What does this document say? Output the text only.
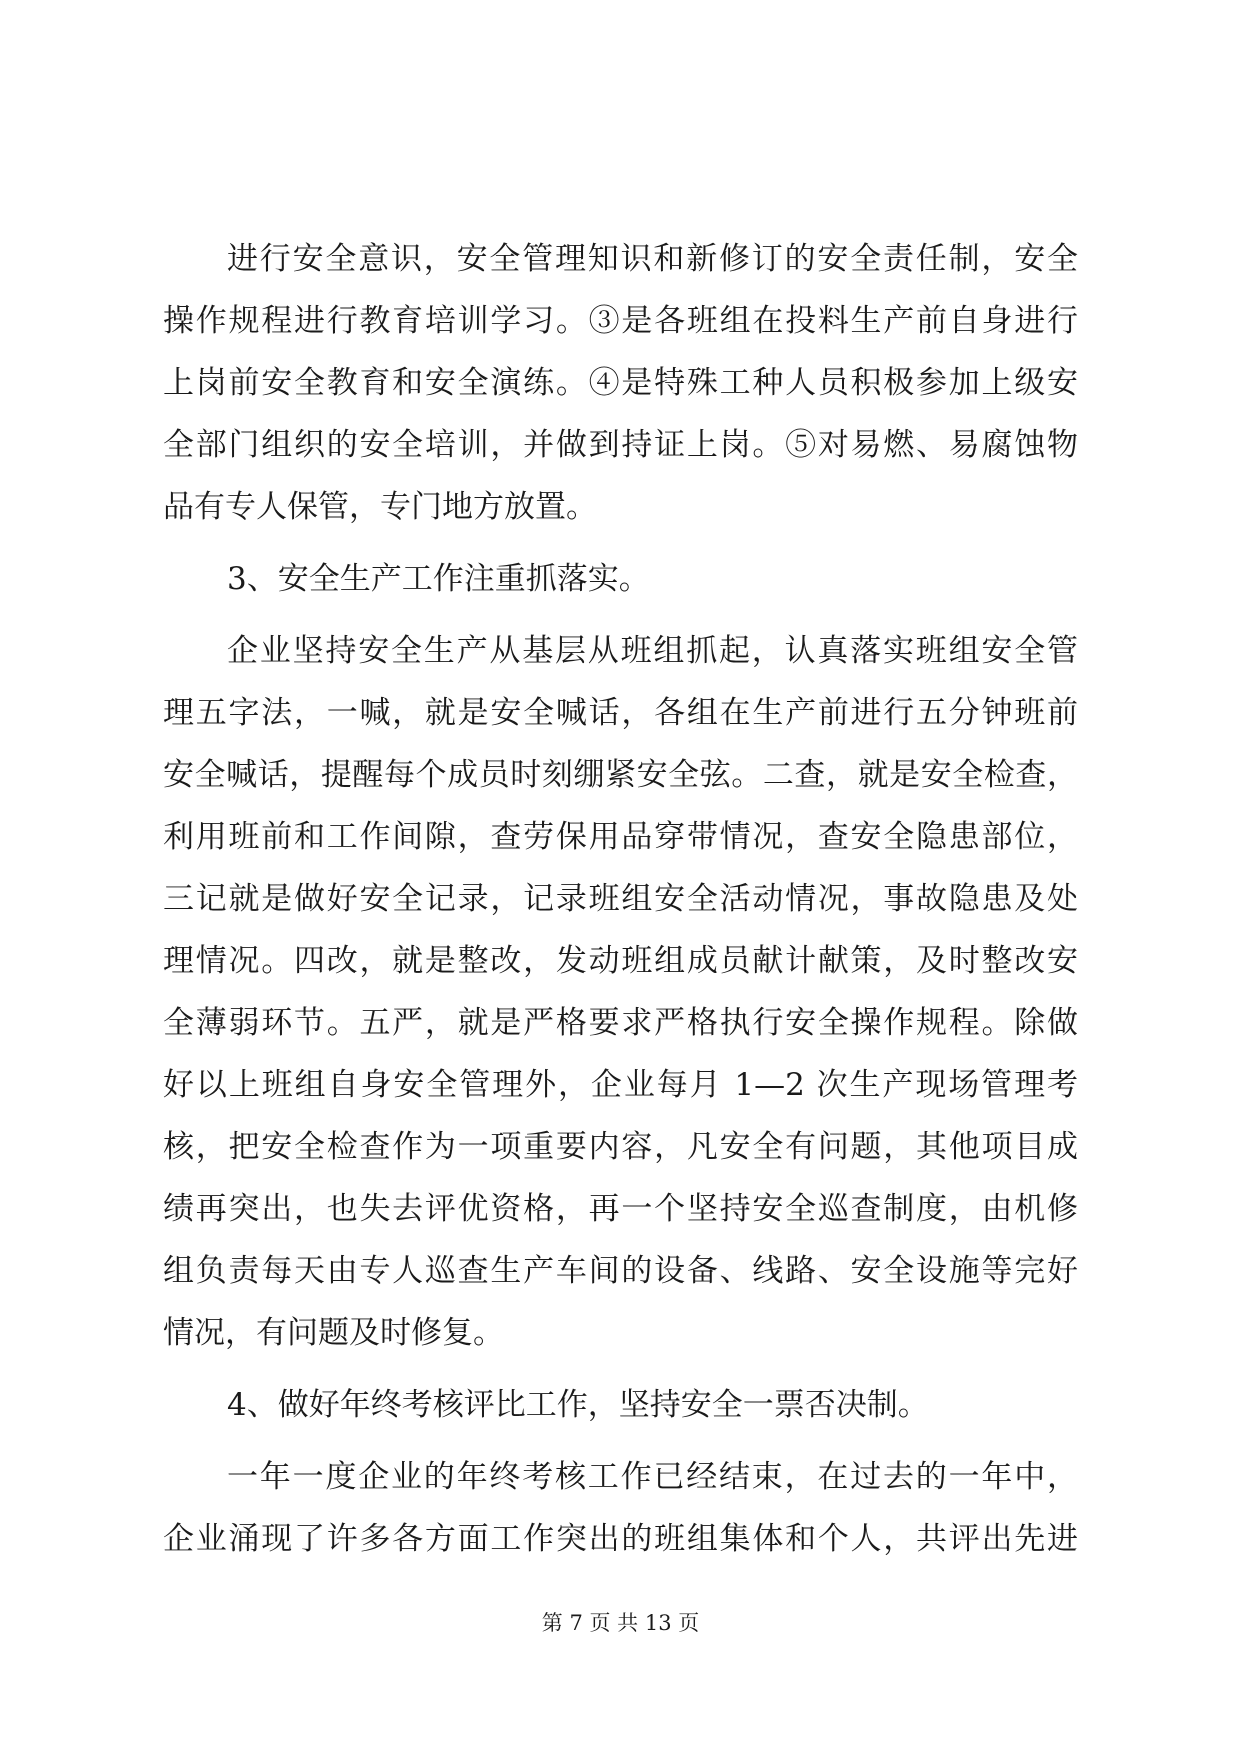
进行安全意识，安全管理知识和新修订的安全责任制，安全
操作规程进行教育培训学习。③是各班组在投料生产前自身进行
上岗前安全教育和安全演练。④是特殊工种人员积极参加上级安
全部门组织的安全培训，并做到持证上岗。⑤对易燃、易腐蚀物
品有专人保管，专门地方放置。
3、安全生产工作注重抓落实。
企业坚持安全生产从基层从班组抓起，认真落实班组安全管
理五字法，一喊，就是安全喊话，各组在生产前进行五分钟班前
安全喊话，提醒每个成员时刻绷紧安全弦。二查，就是安全检查，
利用班前和工作间隙，查劳保用品穿带情况，查安全隐患部位，
三记就是做好安全记录，记录班组安全活动情况，事故隐患及处
理情况。四改，就是整改，发动班组成员献计献策，及时整改安
全薄弱环节。五严，就是严格要求严格执行安全操作规程。除做
好以上班组自身安全管理外，企业每月 1—2 次生产现场管理考
核，把安全检查作为一项重要内容，凡安全有问题，其他项目成
绩再突出，也失去评优资格，再一个坚持安全巡查制度，由机修
组负责每天由专人巡查生产车间的设备、线路、安全设施等完好
情况，有问题及时修复。
4、做好年终考核评比工作，坚持安全一票否决制。
一年一度企业的年终考核工作已经结束，在过去的一年中，
企业涌现了许多各方面工作突出的班组集体和个人，共评出先进
第 7 页 共 13 页
